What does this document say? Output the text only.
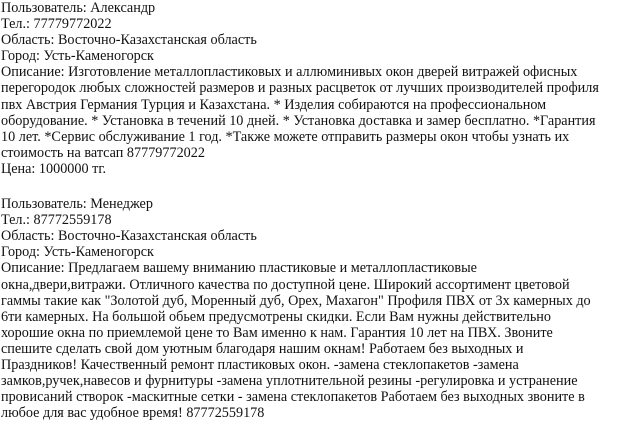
Пользователь: Александр
Тел.: 77779772022
Область: Восточно-Казахстанская область
Город: Усть-Каменогорск
Описание: Изготовление металлопластиковых и аллюминивых окон дверей витражей офисных
перегородок любых сложностей размеров и разных расцветок от лучших производителей профиля
пвх Австрия Германия Турция и Казахстана. * Изделия собираются на профессиональном
оборудование. * Установка в течений 10 дней. * Установка доставка и замер бесплатно. *Гарантия
10 лет. *Сервис обслуживание 1 год. *Также можете отправить размеры окон чтобы узнать их
стоимость на ватсап 87779772022
Цена: 1000000 тг.
Пользователь: Менеджер
Тел.: 87772559178
Область: Восточно-Казахстанская область
Город: Усть-Каменогорск
Описание: Предлагаем вашему вниманию пластиковые и металлопластиковые
окна,двери,витражи. Отличного качества по доступной цене. Широкий ассортимент цветовой
гаммы такие как "Золотой дуб, Моренный дуб, Орех, Махагон" Профиля ПВХ от 3х камерных до
6ти камерных. На большой обьем предусмотрены скидки. Если Вам нужны действительно
хорошие окна по приемлемой цене то Вам именно к нам. Гарантия 10 лет на ПВХ. Звоните
спешите сделать свой дом уютным благодаря нашим окнам! Работаем без выходных и
Праздников! Качественный ремонт пластиковых окон. -замена стеклопакетов -замена
замков,ручек,навесов и фурнитуры -замена уплотнительной резины -регулировка и устранение
провисаний створок -маскитные сетки - замена стеклопакетов Работаем без выходных звоните в
любое для вас удобное время! 87772559178
